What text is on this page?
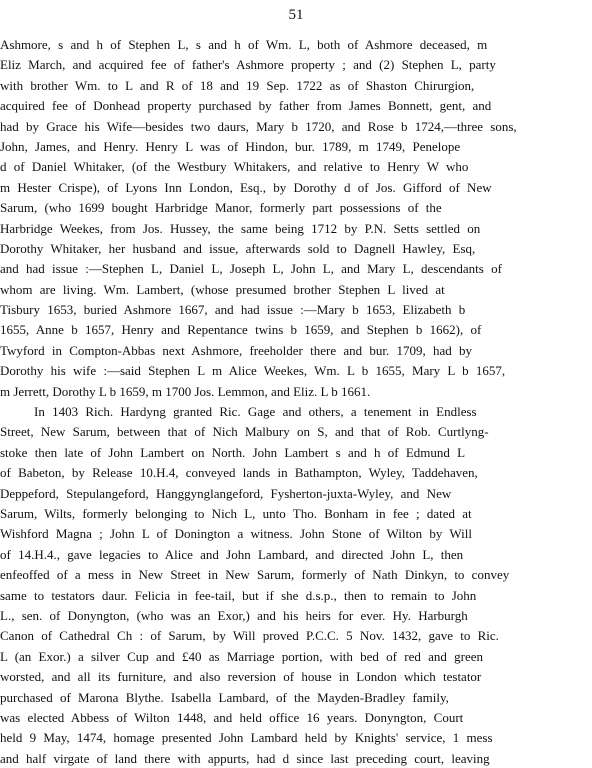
51
Ashmore, s and h of Stephen L, s and h of Wm. L, both of Ashmore deceased, m
Eliz March, and acquired fee of father's Ashmore property ; and (2) Stephen L, party
with brother Wm. to L and R of 18 and 19 Sep. 1722 as of Shaston Chirurgion,
acquired fee of Donhead property purchased by father from James Bonnett, gent, and
had by Grace his Wife—besides two daurs, Mary b 1720, and Rose b 1724,—three sons,
John, James, and Henry. Henry L was of Hindon, bur. 1789, m 1749, Penelope
d of Daniel Whitaker, (of the Westbury Whitakers, and relative to Henry W who
m Hester Crispe), of Lyons Inn London, Esq., by Dorothy d of Jos. Gifford of New
Sarum, (who 1699 bought Harbridge Manor, formerly part possessions of the
Harbridge Weekes, from Jos. Hussey, the same being 1712 by P.N. Setts settled on
Dorothy Whitaker, her husband and issue, afterwards sold to Dagnell Hawley, Esq,
and had issue :—Stephen L, Daniel L, Joseph L, John L, and Mary L, descendants of
whom are living. Wm. Lambert, (whose presumed brother Stephen L lived at
Tisbury 1653, buried Ashmore 1667, and had issue :—Mary b 1653, Elizabeth b
1655, Anne b 1657, Henry and Repentance twins b 1659, and Stephen b 1662), of
Twyford in Compton-Abbas next Ashmore, freeholder there and bur. 1709, had by
Dorothy his wife :—said Stephen L m Alice Weekes, Wm. L b 1655, Mary L b 1657,
m Jerrett, Dorothy L b 1659, m 1700 Jos. Lemmon, and Eliz. L b 1661.
In 1403 Rich. Hardyng granted Ric. Gage and others, a tenement in Endless
Street, New Sarum, between that of Nich Malbury on S, and that of Rob. Curtlyng-
stoke then late of John Lambert on North. John Lambert s and h of Edmund L
of Babeton, by Release 10.H.4, conveyed lands in Bathampton, Wyley, Taddehaven,
Deppeford, Stepulangeford, Hanggynglangeford, Fysherton-juxta-Wyley, and New
Sarum, Wilts, formerly belonging to Nich L, unto Tho. Bonham in fee ; dated at
Wishford Magna ; John L of Donington a witness. John Stone of Wilton by Will
of 14.H.4., gave legacies to Alice and John Lambard, and directed John L, then
enfeoffed of a mess in New Street in New Sarum, formerly of Nath Dinkyn, to convey
same to testators daur. Felicia in fee-tail, but if she d.s.p., then to remain to John
L., sen. of Donyngton, (who was an Exor,) and his heirs for ever. Hy. Harburgh
Canon of Cathedral Ch : of Sarum, by Will proved P.C.C. 5 Nov. 1432, gave to Ric.
L (an Exor.) a silver Cup and £40 as Marriage portion, with bed of red and green
worsted, and all its furniture, and also reversion of house in London which testator
purchased of Marona Blythe. Isabella Lambard, of the Mayden-Bradley family,
was elected Abbess of Wilton 1448, and held office 16 years. Donyngton, Court
held 9 May, 1474, homage presented John Lambard held by Knights' service, 1 mess
and half virgate of land there with appurts, had d since last preceding court, leaving
